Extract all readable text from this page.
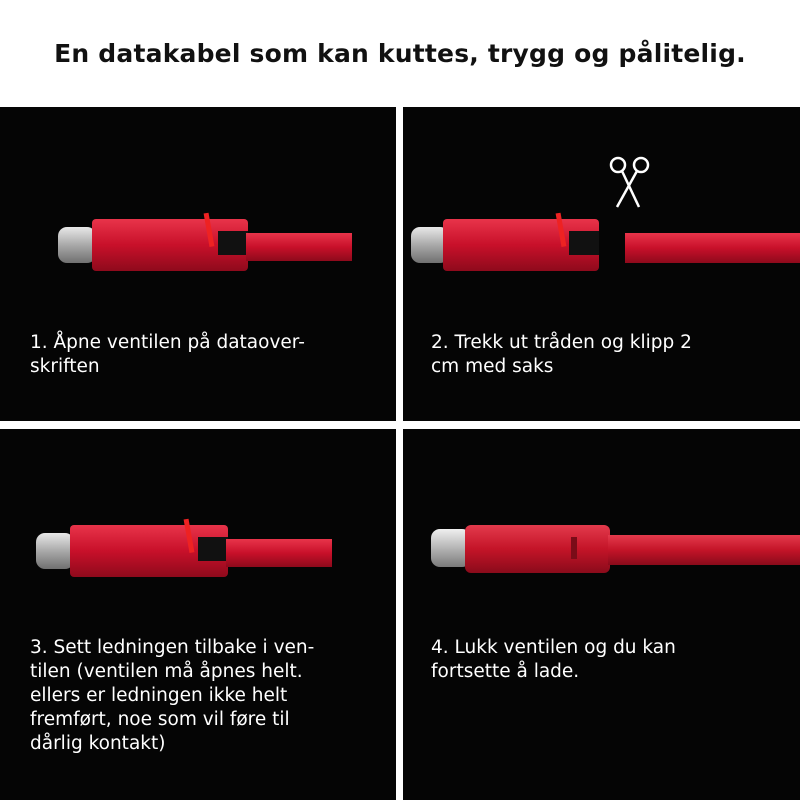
En datakabel som kan kuttes, trygg og pålitelig.
1. Åpne ventilen på dataover-
skriften
2. Trekk ut tråden og klipp 2
cm med saks
3. Sett ledningen tilbake i ven-
tilen (ventilen må åpnes helt.
ellers er ledningen ikke helt
fremført, noe som vil føre til
dårlig kontakt)
4. Lukk ventilen og du kan
fortsette å lade.
